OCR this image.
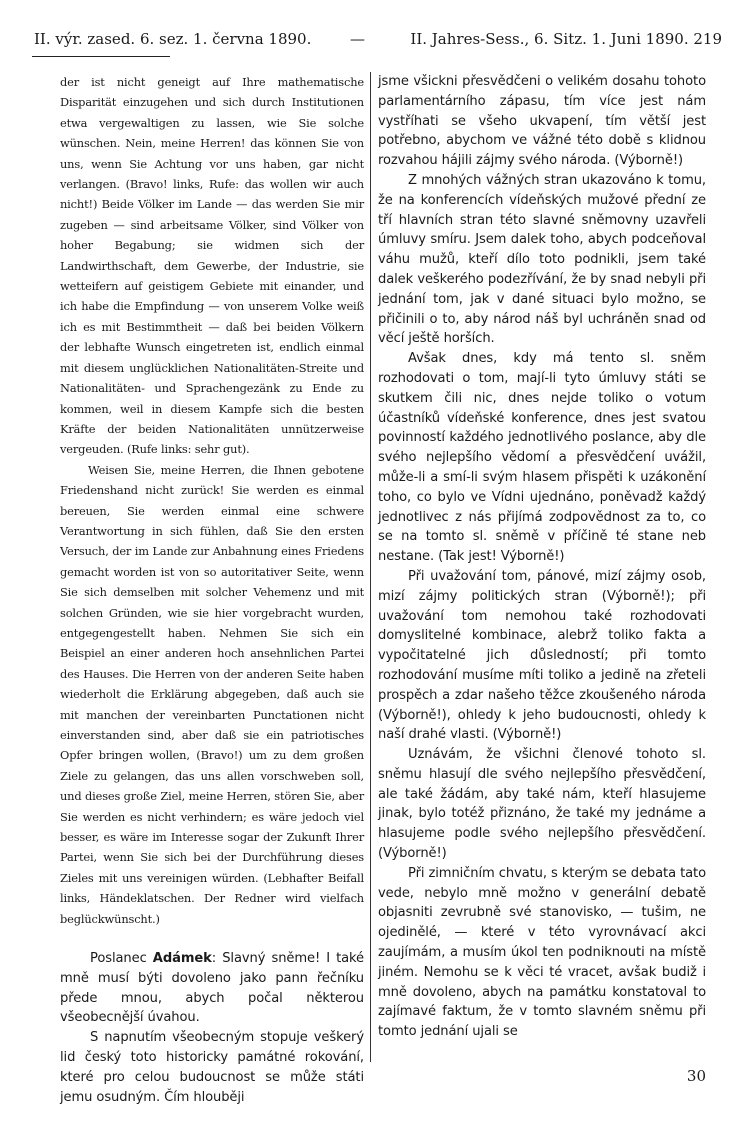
II. výr. zased. 6. sez. 1. června 1890.	—	II. Jahres-Sess., 6. Sitz. 1. Juni 1890. 219

der ist nicht geneigt auf Ihre mathematische Disparität einzugehen und sich durch Institutionen etwa vergewaltigen zu lassen, wie Sie solche wünschen. Nein, meine Herren! das können Sie von uns, wenn Sie Achtung vor uns haben, gar nicht verlangen. (Bravo! links, Rufe: das wollen wir auch nicht!) Beide Völker im Lande — das werden Sie mir zugeben — sind arbeitsame Völker, sind Völker von hoher Begabung; sie widmen sich der Landwirthschaft, dem Gewerbe, der Industrie, sie wetteifern auf geistigem Gebiete mit einander, und ich habe die Empfindung — von unserem Volke weiß ich es mit Bestimmtheit — daß bei beiden Völkern der lebhafte Wunsch eingetreten ist, endlich einmal mit diesem unglücklichen Nationalitäten-Streite und Nationalitäten- und Sprachengezänk zu Ende zu kommen, weil in diesem Kampfe sich die besten Kräfte der beiden Nationalitäten unnützerweise vergeuden. (Rufe links: sehr gut).

Weisen Sie, meine Herren, die Ihnen gebotene Friedenshand nicht zurück! Sie werden es einmal bereuen, Sie werden einmal eine schwere Verantwortung in sich fühlen, daß Sie den ersten Versuch, der im Lande zur Anbahnung eines Friedens gemacht worden ist von so autoritativer Seite, wenn Sie sich demselben mit solcher Vehemenz und mit solchen Gründen, wie sie hier vorgebracht wurden, entgegengestellt haben. Nehmen Sie sich ein Beispiel an einer anderen hoch ansehnlichen Partei des Hauses. Die Herren von der anderen Seite haben wiederholt die Erklärung abgegeben, daß auch sie mit manchen der vereinbarten Punctationen nicht einverstanden sind, aber daß sie ein patriotisches Opfer bringen wollen, (Bravo!) um zu dem großen Ziele zu gelangen, das uns allen vorschweben soll, und dieses große Ziel, meine Herren, stören Sie, aber Sie werden es nicht verhindern; es wäre jedoch viel besser, es wäre im Interesse sogar der Zukunft Ihrer Partei, wenn Sie sich bei der Durchführung dieses Zieles mit uns vereinigen würden. (Lebhafter Beifall links, Händeklatschen. Der Redner wird vielfach beglückwünscht.)

Poslanec Adámek: Slavný sněme! I také mně musí býti dovoleno jako pann řečníku přede mnou, abych počal některou všeobecnější úvahou.

S napnutím všeobecným stopuje veškerý lid český toto historicky památné rokování, které pro celou budoucnost se může státi jemu osudným. Čím hlouběji

jsme všickni přesvědčeni o velikém dosahu tohoto parlamentárního zápasu, tím více jest nám vystříhati se všeho ukvapení, tím větší jest potřebno, abychom ve vážné této době s klidnou rozvahou hájili zájmy svého národa. (Výborně!)

Z mnohých vážných stran ukazováno k tomu, že na konferencích vídeňských mužové přední ze tří hlavních stran této slavné sněmovny uzavřeli úmluvy smíru. Jsem dalek toho, abych podceňoval váhu mužů, kteří dílo toto podnikli, jsem také dalek veškerého podezřívání, že by snad nebyli při jednání tom, jak v dané situaci bylo možno, se přičinili o to, aby národ náš byl uchráněn snad od věcí ještě horších.

Avšak dnes, kdy má tento sl. sněm rozhodovati o tom, mají-li tyto úmluvy státi se skutkem čili nic, dnes nejde toliko o votum účastníků vídeňské konference, dnes jest svatou povinností každého jednotlivého poslance, aby dle svého nejlepšího vědomí a přesvědčení uvážil, může-li a smí-li svým hlasem přispěti k uzákonění toho, co bylo ve Vídni ujednáno, poněvadž každý jednotlivec z nás přijímá zodpovědnost za to, co se na tomto sl. sněmě v příčině té stane neb nestane. (Tak jest! Výborně!)

Při uvažování tom, pánové, mizí zájmy osob, mizí zájmy politických stran (Výborně!); při uvažování tom nemohou také rozhodovati domyslitelné kombinace, alebrž toliko fakta a vypočitatelné jich důsledností; při tomto rozhodování musíme míti toliko a jedině na zřeteli prospěch a zdar našeho těžce zkoušeného národa (Výborně!), ohledy k jeho budoucnosti, ohledy k naší drahé vlasti. (Výborně!)

Uznávám, že všichni členové tohoto sl. sněmu hlasují dle svého nejlepšího přesvědčení, ale také žádám, aby také nám, kteří hlasujeme jinak, bylo totéž přiznáno, že také my jednáme a hlasujeme podle svého nejlepšího přesvědčení. (Výborně!)

Při zimničním chvatu, s kterým se debata tato vede, nebylo mně možno v generální debatě objasniti zevrubně své stanovisko, — tušim, ne ojedinělé, — které v této vyrovnávací akci zaujímám, a musím úkol ten podniknouti na místě jiném. Nemohu se k věci té vracet, avšak budiž i mně dovoleno, abych na památku konstatoval to zajímavé faktum, že v tomto slavném sněmu při tomto jednání ujali se

30
